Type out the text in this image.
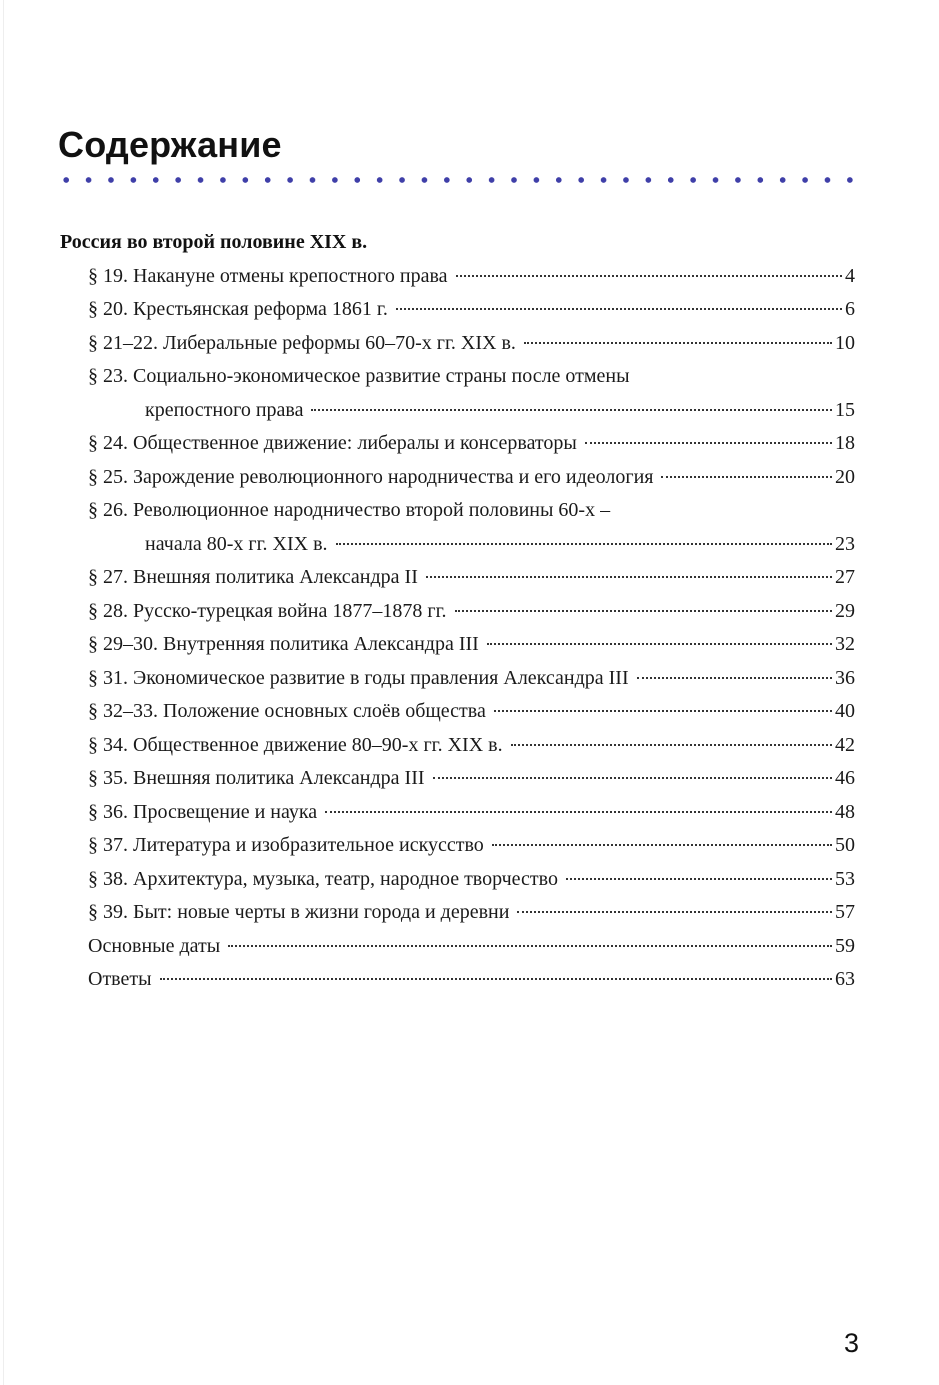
Содержание
Россия во второй половине XIX в.
§ 19. Накануне отмены крепостного права	4
§ 20. Крестьянская реформа 1861 г.	6
§ 21–22. Либеральные реформы 60–70-х гг. XIX в.	10
§ 23. Социально-экономическое развитие страны после отмены
крепостного права	15
§ 24. Общественное движение: либералы и консерваторы	18
§ 25. Зарождение революционного народничества и его идеология	20
§ 26. Революционное народничество второй половины 60-х –
начала 80-х гг. XIX в.	23
§ 27. Внешняя политика Александра II	27
§ 28. Русско-турецкая война 1877–1878 гг.	29
§ 29–30. Внутренняя политика Александра III	32
§ 31. Экономическое развитие в годы правления Александра III	36
§ 32–33. Положение основных слоёв общества	40
§ 34. Общественное движение 80–90-х гг. XIX в.	42
§ 35. Внешняя политика Александра III	46
§ 36. Просвещение и наука	48
§ 37. Литература и изобразительное искусство	50
§ 38. Архитектура, музыка, театр, народное творчество	53
§ 39. Быт: новые черты в жизни города и деревни	57
Основные даты	59
Ответы	63
3
